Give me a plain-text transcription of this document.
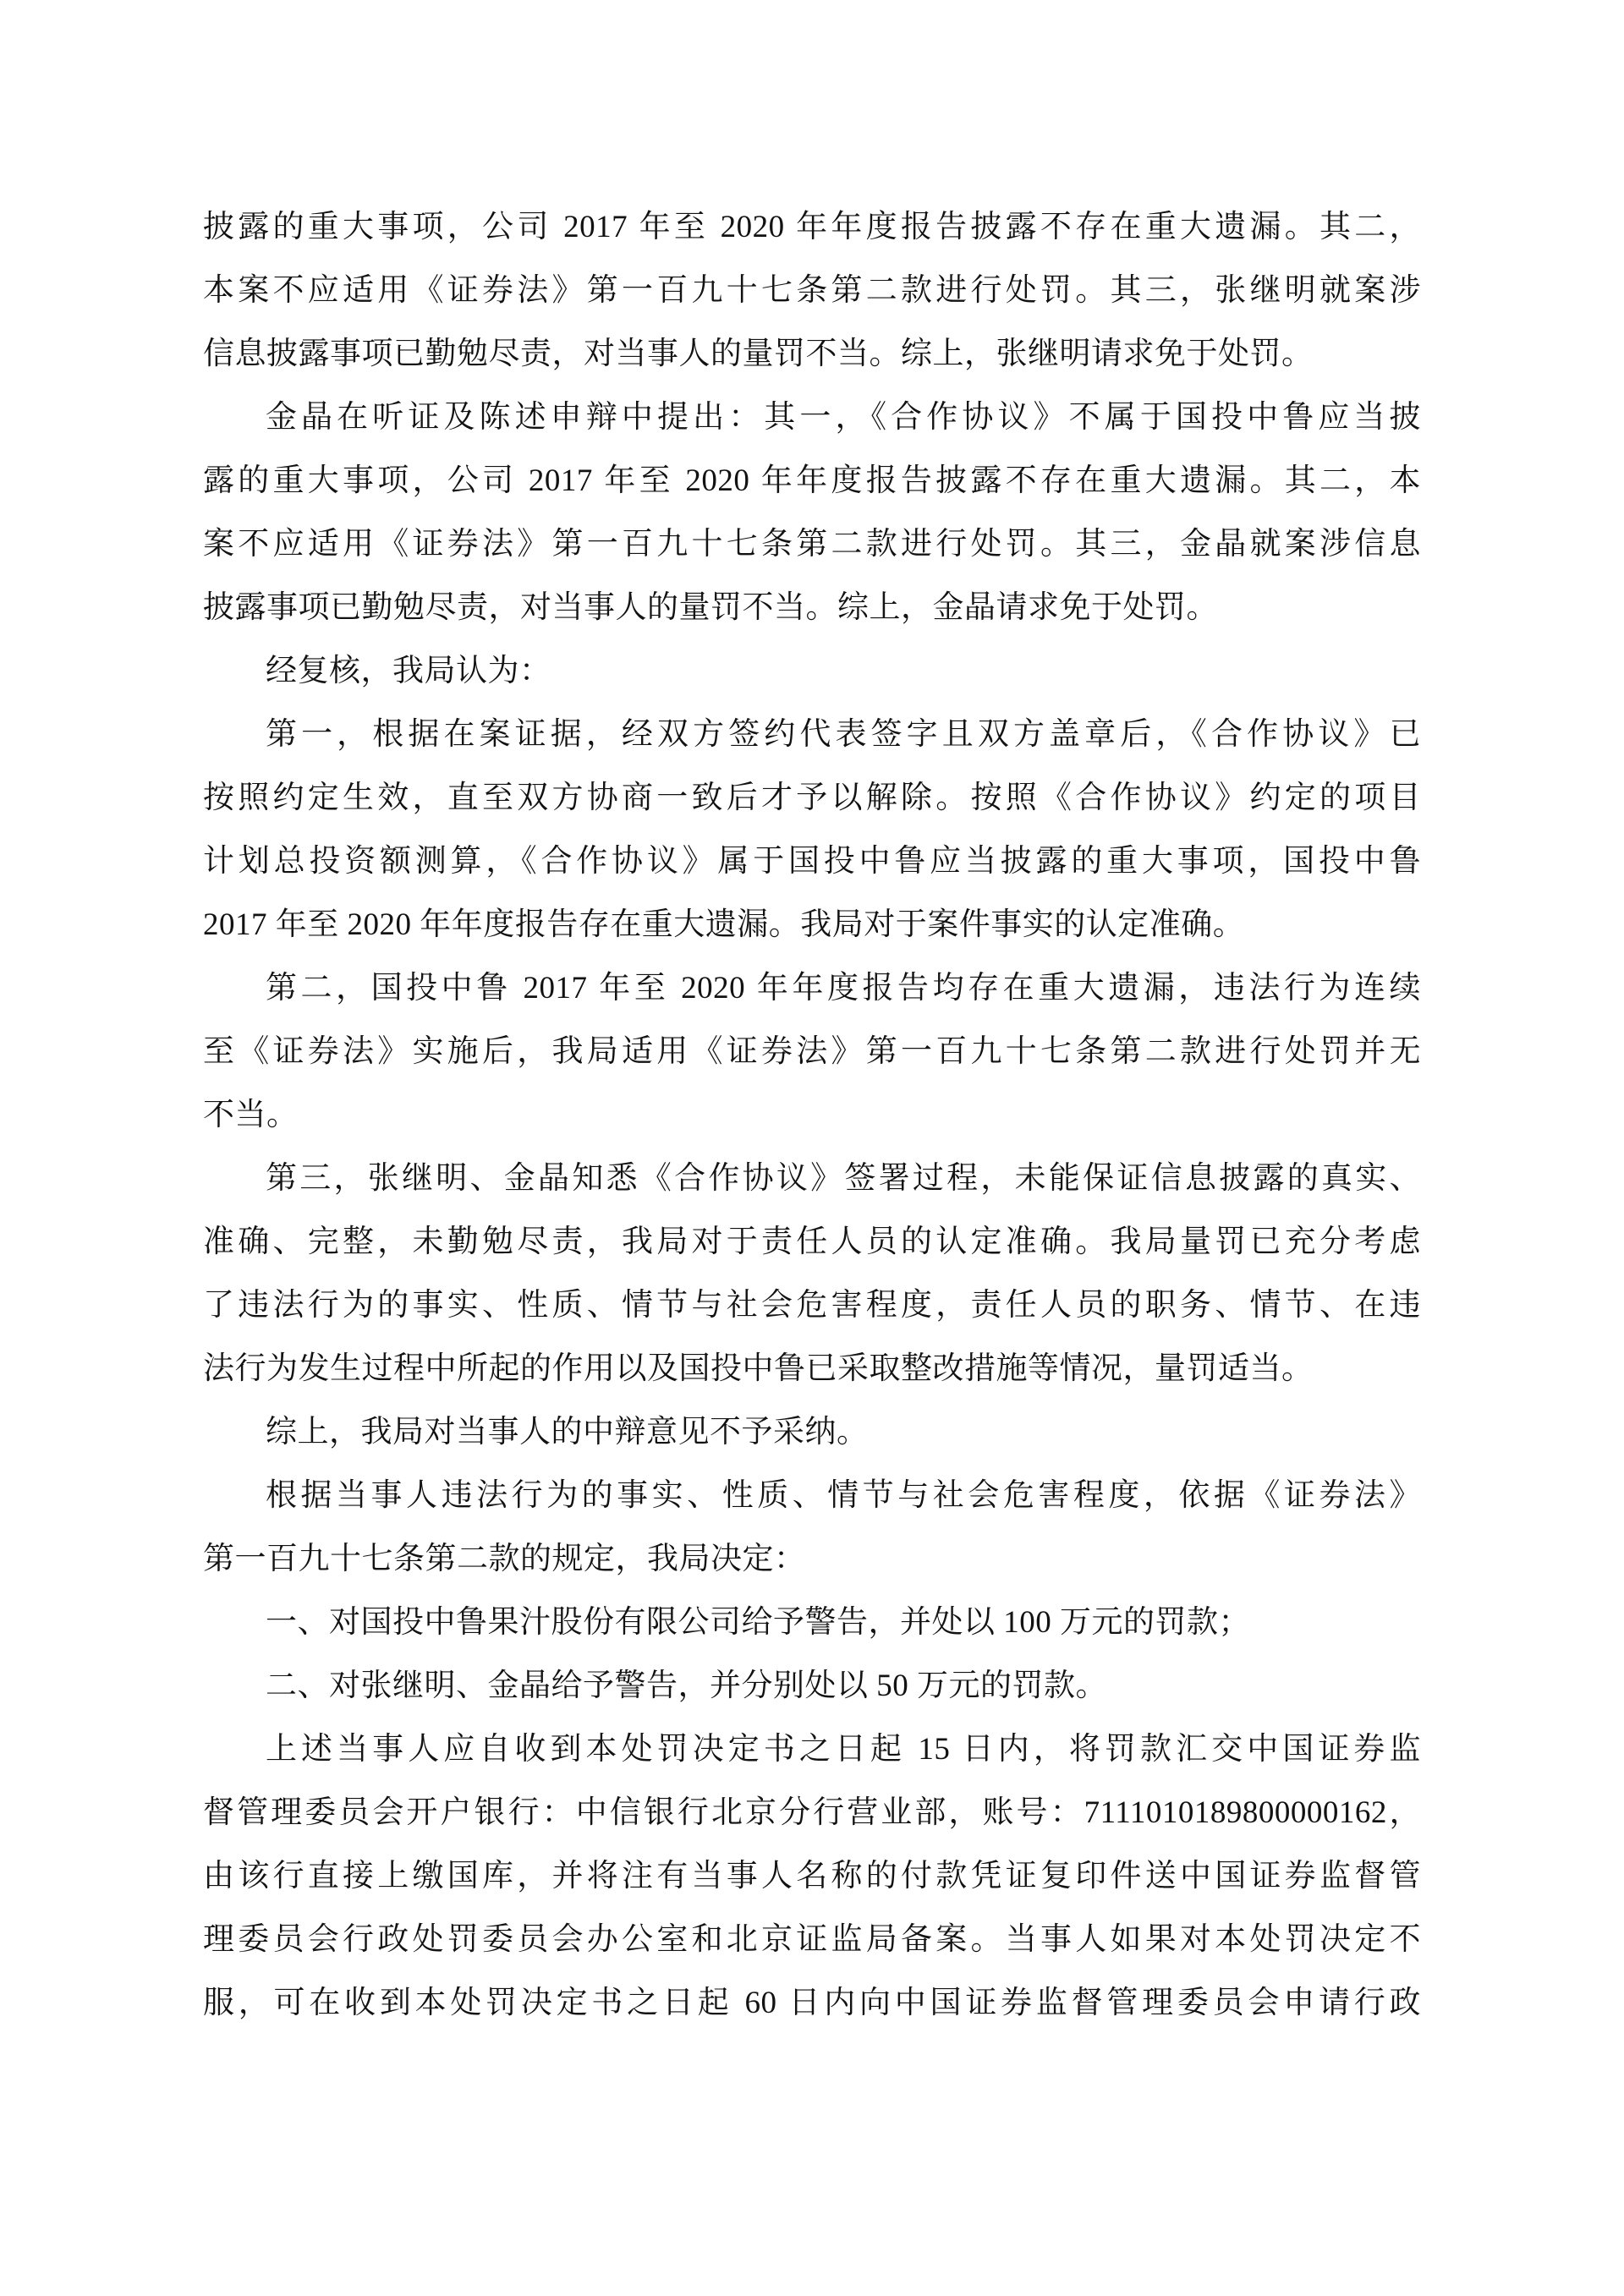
披露的重大事项，公司 2017 年至 2020 年年度报告披露不存在重大遗漏。其二，
本案不应适用《证券法》第一百九十七条第二款进行处罚。其三，张继明就案涉
信息披露事项已勤勉尽责，对当事人的量罚不当。综上，张继明请求免于处罚。
金晶在听证及陈述申辩中提出：其一，《合作协议》不属于国投中鲁应当披
露的重大事项，公司 2017 年至 2020 年年度报告披露不存在重大遗漏。其二，本
案不应适用《证券法》第一百九十七条第二款进行处罚。其三，金晶就案涉信息
披露事项已勤勉尽责，对当事人的量罚不当。综上，金晶请求免于处罚。
经复核，我局认为：
第一，根据在案证据，经双方签约代表签字且双方盖章后，《合作协议》已
按照约定生效，直至双方协商一致后才予以解除。按照《合作协议》约定的项目
计划总投资额测算，《合作协议》属于国投中鲁应当披露的重大事项，国投中鲁
2017 年至 2020 年年度报告存在重大遗漏。我局对于案件事实的认定准确。
第二，国投中鲁 2017 年至 2020 年年度报告均存在重大遗漏，违法行为连续
至《证券法》实施后，我局适用《证券法》第一百九十七条第二款进行处罚并无
不当。
第三，张继明、金晶知悉《合作协议》签署过程，未能保证信息披露的真实、
准确、完整，未勤勉尽责，我局对于责任人员的认定准确。我局量罚已充分考虑
了违法行为的事实、性质、情节与社会危害程度，责任人员的职务、情节、在违
法行为发生过程中所起的作用以及国投中鲁已采取整改措施等情况，量罚适当。
综上，我局对当事人的中辩意见不予采纳。
根据当事人违法行为的事实、性质、情节与社会危害程度，依据《证券法》
第一百九十七条第二款的规定，我局决定：
一、对国投中鲁果汁股份有限公司给予警告，并处以 100 万元的罚款；
二、对张继明、金晶给予警告，并分别处以 50 万元的罚款。
上述当事人应自收到本处罚决定书之日起 15 日内，将罚款汇交中国证券监
督管理委员会开户银行：中信银行北京分行营业部，账号：7111010189800000162，
由该行直接上缴国库，并将注有当事人名称的付款凭证复印件送中国证券监督管
理委员会行政处罚委员会办公室和北京证监局备案。当事人如果对本处罚决定不
服，可在收到本处罚决定书之日起 60 日内向中国证券监督管理委员会申请行政
